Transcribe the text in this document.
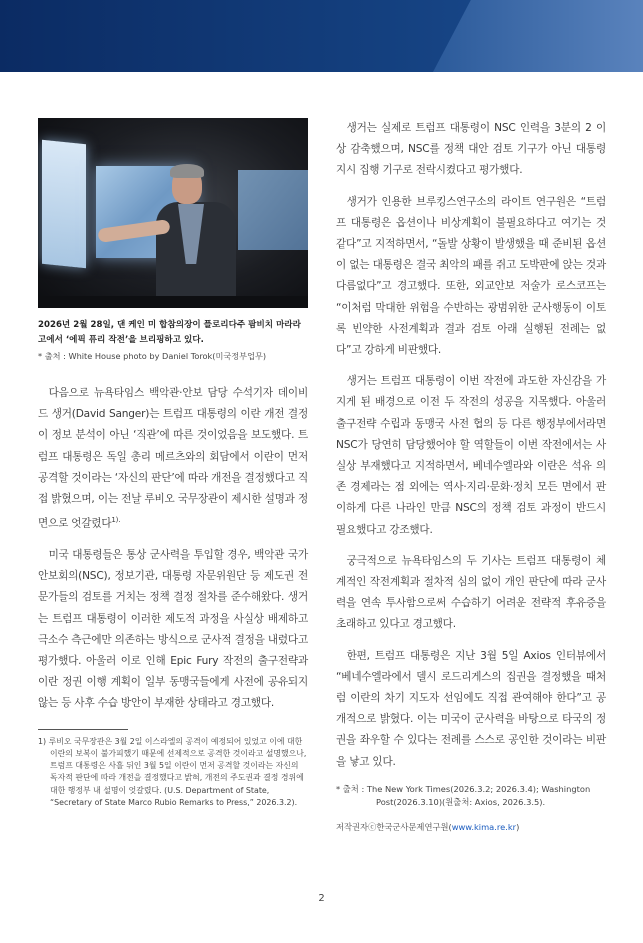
2026년 2월 28일, 댄 케인 미 합참의장이 플로리다주 팜비치 마라라고에서 ‘에픽 퓨리 작전’을 브리핑하고 있다.
* 출처 : White House photo by Daniel Torok(미국정부업무)

다음으로 뉴욕타임스 백악관·안보 담당 수석기자 데이비드 생거(David Sanger)는 트럼프 대통령의 이란 개전 결정이 정보 분석이 아닌 ‘직관’에 따른 것이었음을 보도했다. 트럼프 대통령은 독일 총리 메르츠와의 회담에서 이란이 먼저 공격할 것이라는 ‘자신의 판단’에 따라 개전을 결정했다고 직접 밝혔으며, 이는 전날 루비오 국무장관이 제시한 설명과 정면으로 엇갈렸다$^{1).}$

미국 대통령들은 통상 군사력을 투입할 경우, 백악관 국가안보회의(NSC), 정보기관, 대통령 자문위원단 등 제도권 전문가들의 검토를 거치는 정책 결정 절차를 준수해왔다. 생거는 트럼프 대통령이 이러한 제도적 과정을 사실상 배제하고 극소수 측근에만 의존하는 방식으로 군사적 결정을 내렸다고 평가했다. 아울러 이로 인해 Epic Fury 작전의 출구전략과 이란 정권 이행 계획이 일부 동맹국들에게 사전에 공유되지 않는 등 사후 수습 방안이 부재한 상태라고 경고했다.

1) 루비오 국무장관은 3월 2일 이스라엘의 공격이 예정되어 있었고 이에 대한 이란의 보복이 불가피했기 때문에 선제적으로 공격한 것이라고 설명했으나, 트럼프 대통령은 사흘 뒤인 3월 5일 이란이 먼저 공격할 것이라는 자신의 독자적 판단에 따라 개전을 결정했다고 밝혀, 개전의 주도권과 결정 경위에 대한 행정부 내 설명이 엇갈렸다. (U.S. Department of State, “Secretary of State Marco Rubio Remarks to Press,” 2026.3.2).

생거는 실제로 트럼프 대통령이 NSC 인력을 3분의 2 이상 감축했으며, NSC를 정책 대안 검토 기구가 아닌 대통령 지시 집행 기구로 전락시켰다고 평가했다.

생거가 인용한 브루킹스연구소의 라이트 연구원은 “트럼프 대통령은 옵션이나 비상계획이 불필요하다고 여기는 것 같다”고 지적하면서, “돌발 상황이 발생했을 때 준비된 옵션이 없는 대통령은 결국 최악의 패를 쥐고 도박판에 앉는 것과 다름없다”고 경고했다. 또한, 외교안보 저술가 로스코프는 “이처럼 막대한 위험을 수반하는 광범위한 군사행동이 이토록 빈약한 사전계획과 결과 검토 아래 실행된 전례는 없다”고 강하게 비판했다.

생거는 트럼프 대통령이 이번 작전에 과도한 자신감을 가지게 된 배경으로 이전 두 작전의 성공을 지목했다. 아울러 출구전략 수립과 동맹국 사전 협의 등 다른 행정부에서라면 NSC가 당연히 담당했어야 할 역할들이 이번 작전에서는 사실상 부재했다고 지적하면서, 베네수엘라와 이란은 석유 의존 경제라는 점 외에는 역사·지리·문화·정치 모든 면에서 판이하게 다른 나라인 만큼 NSC의 정책 검토 과정이 반드시 필요했다고 강조했다.

궁극적으로 뉴욕타임스의 두 기사는 트럼프 대통령이 체계적인 작전계획과 절차적 심의 없이 개인 판단에 따라 군사력을 연속 투사함으로써 수습하기 어려운 전략적 후유증을 초래하고 있다고 경고했다.

한편, 트럼프 대통령은 지난 3월 5일 Axios 인터뷰에서 “베네수엘라에서 델시 로드리게스의 집권을 결정했을 때처럼 이란의 차기 지도자 선임에도 직접 관여해야 한다”고 공개적으로 밝혔다. 이는 미국이 군사력을 바탕으로 타국의 정권을 좌우할 수 있다는 전례를 스스로 공인한 것이라는 비판을 낳고 있다.

* 출처 : The New York Times(2026.3.2; 2026.3.4); Washington Post(2026.3.10)(원출처: Axios, 2026.3.5).
저작권자ⓒ한국군사문제연구원(www.kima.re.kr)
2
